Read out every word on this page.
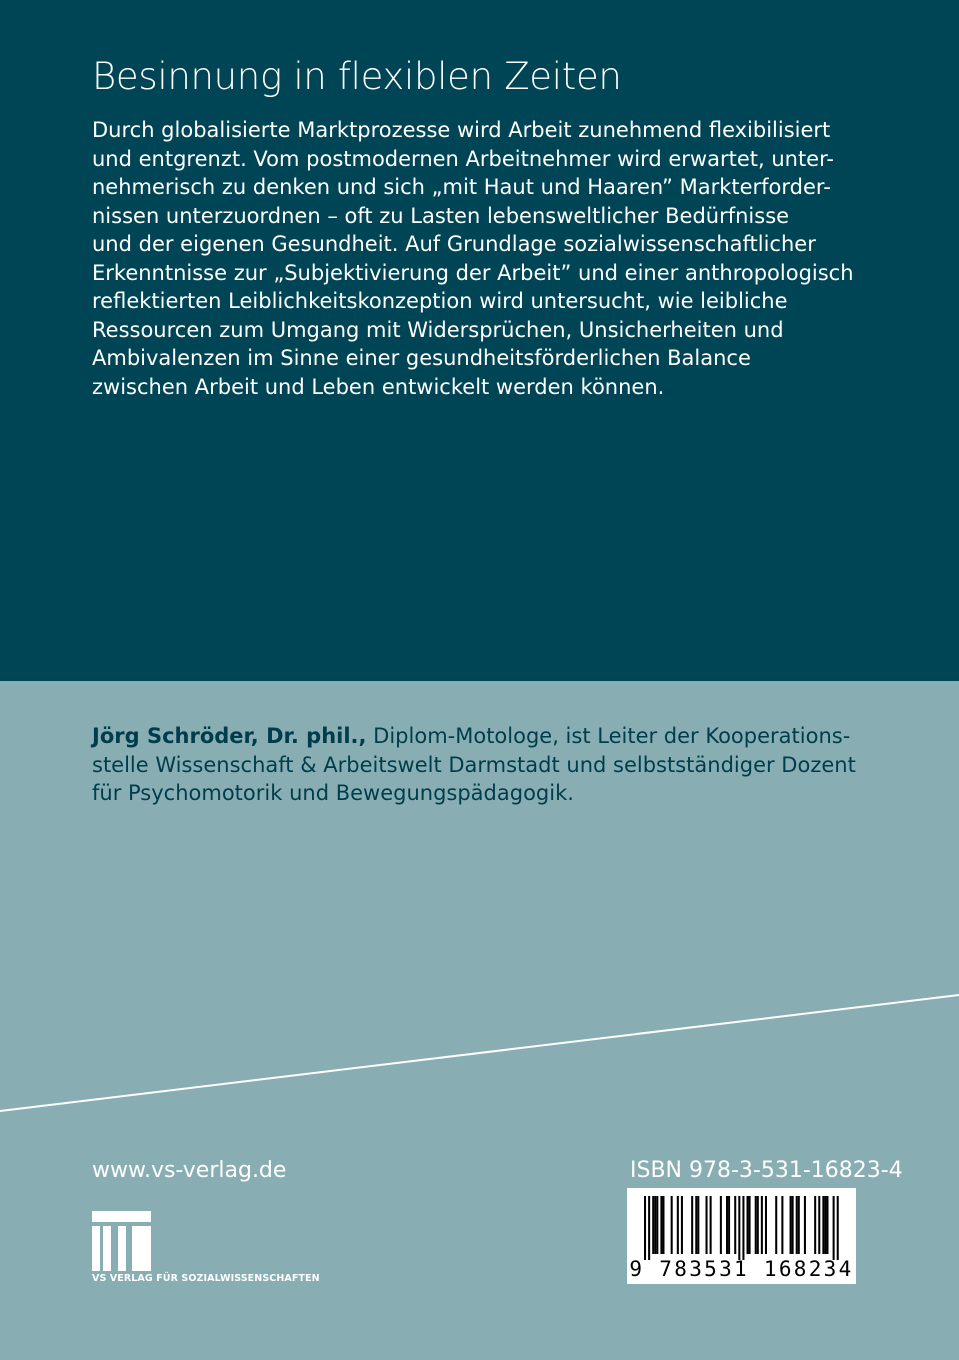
Besinnung in flexiblen Zeiten
Durch globalisierte Marktprozesse wird Arbeit zunehmend flexibilisiert
und entgrenzt. Vom postmodernen Arbeitnehmer wird erwartet, unter-
nehmerisch zu denken und sich „mit Haut und Haaren” Markterforder-
nissen unterzuordnen – oft zu Lasten lebensweltlicher Bedürfnisse
und der eigenen Gesundheit. Auf Grundlage sozialwissenschaftlicher
Erkenntnisse zur „Subjektivierung der Arbeit” und einer anthropologisch
reflektierten Leiblichkeitskonzeption wird untersucht, wie leibliche
Ressourcen zum Umgang mit Widersprüchen, Unsicherheiten und
Ambivalenzen im Sinne einer gesundheitsförderlichen Balance
zwischen Arbeit und Leben entwickelt werden können.
Jörg Schröder, Dr. phil., Diplom-Motologe, ist Leiter der Kooperations-
stelle Wissenschaft & Arbeitswelt Darmstadt und selbstständiger Dozent
für Psychomotorik und Bewegungspädagogik.
www.vs-verlag.de
VS VERLAG FÜR SOZIALWISSENSCHAFTEN
ISBN 978-3-531-16823-4
9 783531 168234
